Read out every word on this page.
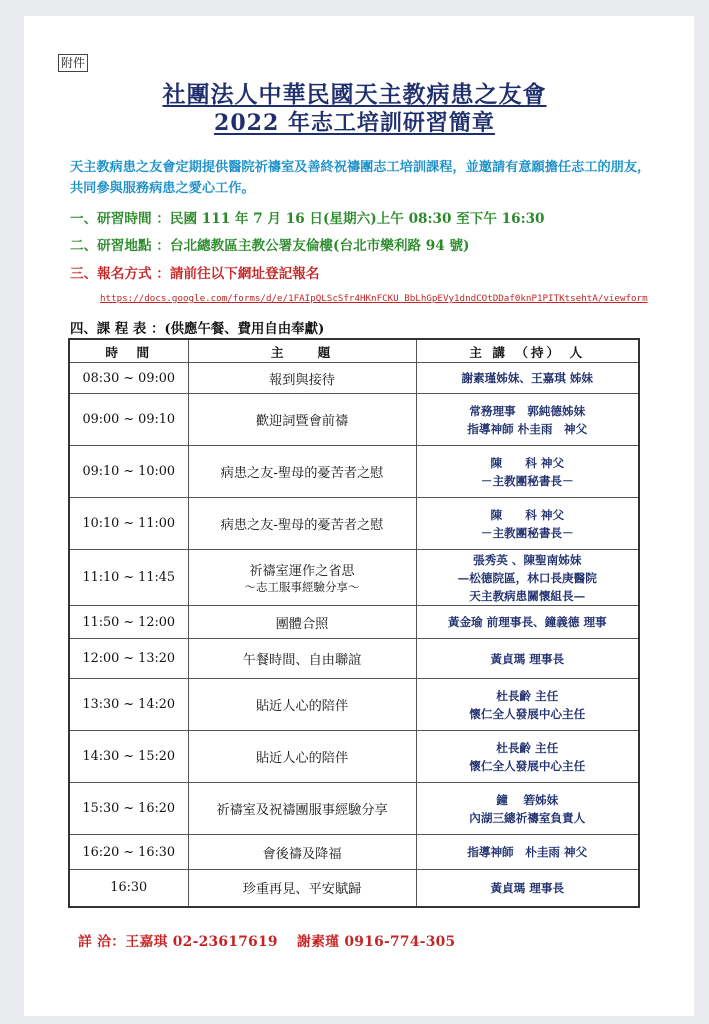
附件
社團法人中華民國天主教病患之友會
2022 年志工培訓研習簡章
天主教病患之友會定期提供醫院祈禱室及善終祝禱團志工培訓課程，並邀請有意願擔任志工的朋友，共同參與服務病患之愛心工作。
一、研習時間 ：民國 111 年 7 月 16 日(星期六)上午 08:30 至下午 16:30
二、研習地點 ：台北總教區主教公署友倫樓(台北市樂利路 94 號)
三、報名方式 ：請前往以下網址登記報名
https://docs.google.com/forms/d/e/1FAIpQLScSfr4HKnFCKU_BbLhGpEVy1dndCOtDDaf0knP1PITKtsehtA/viewform
四、課 程 表 ：(供應午餐、費用自由奉獻)
時　間	主　　題	主 講 （持） 人
08:30 ~ 09:00	報到與接待	謝素瑾姊妹、王嘉琪 姊妹

09:00 ~ 09:10	歡迎詞暨會前禱	常務理事　郭純德姊妹
指導神師 朴圭雨　神父

09:10 ~ 10:00	病患之友-聖母的憂苦者之慰	陳　　科 神父
－主教團秘書長－

10:10 ~ 11:00	病患之友-聖母的憂苦者之慰	陳　　科 神父
－主教團秘書長－

11:10 ~ 11:45	祈禱室運作之省思
～志工服事經驗分享～	張秀英 、陳聖南姊妹
—松德院區，林口長庚醫院
天主教病患關懷組長—

11:50 ~ 12:00	團體合照	黃金瑜 前理事長、鐘義德 理事

12:00 ~ 13:20	午餐時間、自由聯誼	黃貞瑪 理事長

13:30 ~ 14:20	貼近人心的陪伴	杜長齡 主任
懷仁全人發展中心主任

14:30 ~ 15:20	貼近人心的陪伴	杜長齡 主任
懷仁全人發展中心主任

15:30 ~ 16:20	祈禱室及祝禱團服事經驗分享	鐘　 箬姊妹
內湖三總祈禱室負責人

16:20 ~ 16:30	會後禱及降福	指導神師　朴圭雨 神父

16:30	珍重再見、平安賦歸	黃貞瑪 理事長
詳 洽：王嘉琪 02-23617619　 謝素瑾 0916-774-305
